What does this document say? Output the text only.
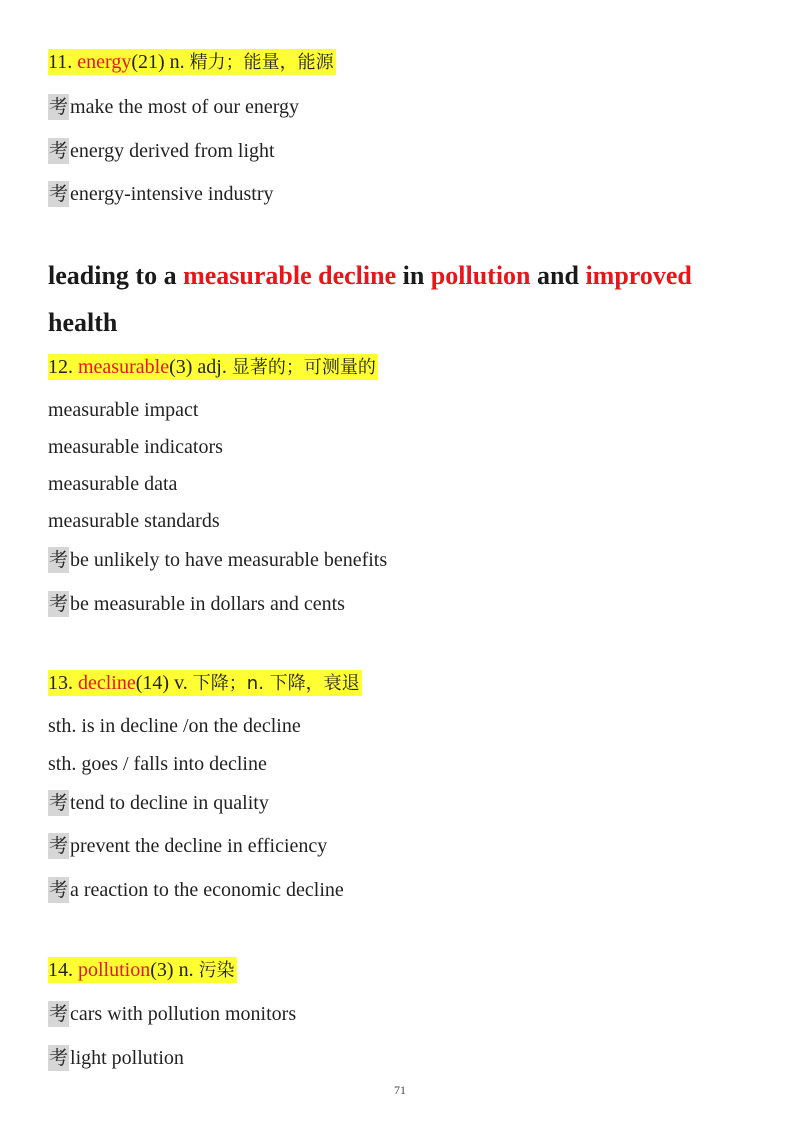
11. energy(21) n. 精力；能量，能源
考 make the most of our energy
考 energy derived from light
考 energy-intensive industry
leading to a measurable decline in pollution and improved
health
12. measurable(3) adj. 显著的；可测量的
measurable impact
measurable indicators
measurable data
measurable standards
考 be unlikely to have measurable benefits
考 be measurable in dollars and cents
13. decline(14) v. 下降；n. 下降，衰退
sth. is in decline /on the decline
sth. goes / falls into decline
考 tend to decline in quality
考 prevent the decline in efficiency
考 a reaction to the economic decline
14. pollution(3) n. 污染
考 cars with pollution monitors
考 light pollution
71
